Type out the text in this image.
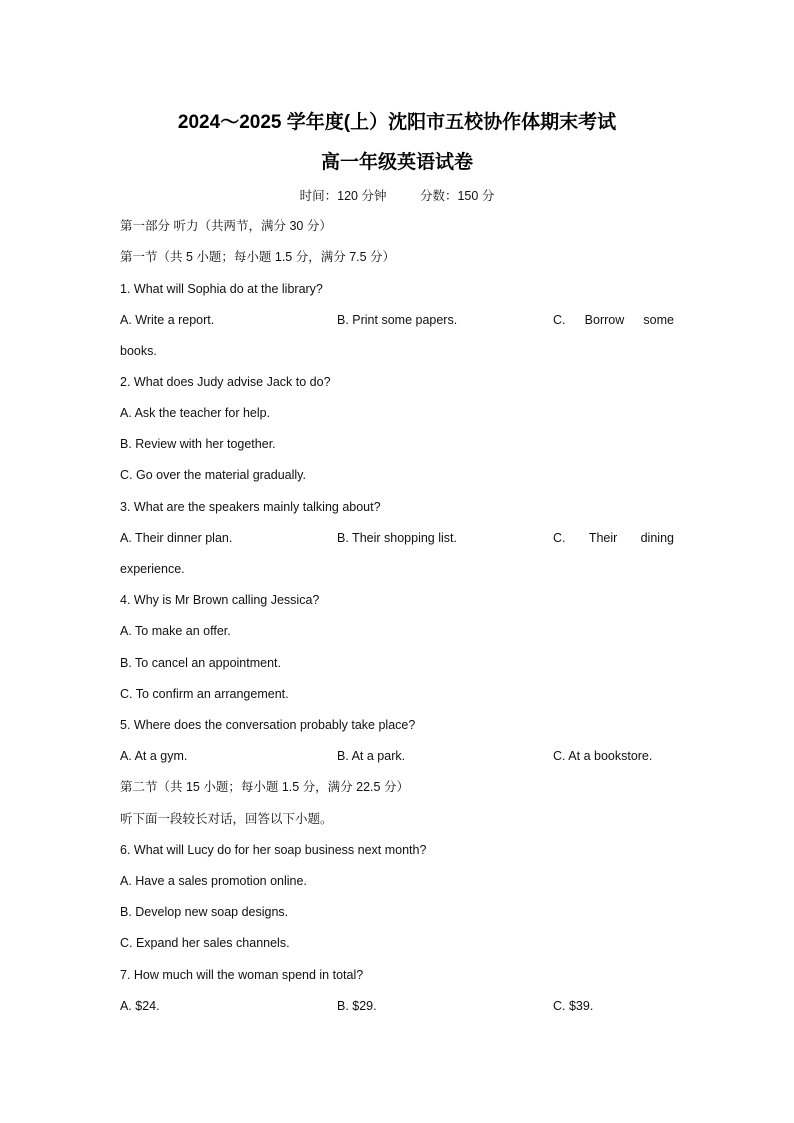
2024～2025 学年度(上）沈阳市五校协作体期末考试
高一年级英语试卷
时间：120 分钟	分数：150 分
第一部分 听力（共两节，满分 30 分）
第一节（共 5 小题；每小题 1.5 分，满分 7.5 分）
1. What will Sophia do at the library?
A. Write a report.	B. Print some papers.	C. Borrow some
books.
2. What does Judy advise Jack to do?
A. Ask the teacher for help.
B. Review with her together.
C. Go over the material gradually.
3. What are the speakers mainly talking about?
A. Their dinner plan.	B. Their shopping list.	C. Their dining
experience.
4. Why is Mr Brown calling Jessica?
A. To make an offer.
B. To cancel an appointment.
C. To confirm an arrangement.
5. Where does the conversation probably take place?
A. At a gym.	B. At a park.	C. At a bookstore.
第二节（共 15 小题；每小题 1.5 分，满分 22.5 分）
听下面一段较长对话，回答以下小题。
6. What will Lucy do for her soap business next month?
A. Have a sales promotion online.
B. Develop new soap designs.
C. Expand her sales channels.
7. How much will the woman spend in total?
A. $24.	B. $29.	C. $39.
